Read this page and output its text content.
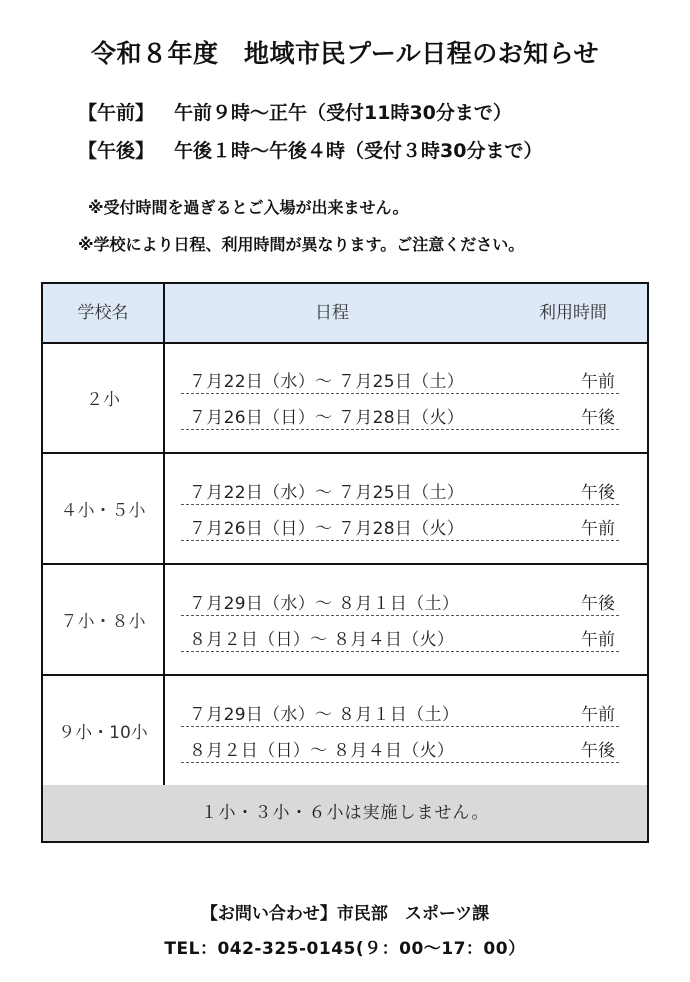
令和８年度　地域市民プール日程のお知らせ
【午前】 午前９時～正午（受付11時30分まで）
【午後】 午後１時～午後４時（受付３時30分まで）
※受付時間を過ぎるとご入場が出来ません。
※学校により日程、利用時間が異なります。ご注意ください。
学校名	日程	利用時間
２小
７月22日（水）～ ７月25日（土）	午前
７月26日（日）～ ７月28日（火）	午後
４小・５小
７月22日（水）～ ７月25日（土）	午後
７月26日（日）～ ７月28日（火）	午前
７小・８小
７月29日（水）～ ８月１日（土）	午後
８月２日（日）～ ８月４日（火）	午前
９小・10小
７月29日（水）～ ８月１日（土）	午前
８月２日（日）～ ８月４日（火）	午後
１小・３小・６小は実施しません。
【お問い合わせ】市民部　スポーツ課
TEL：042-325-0145(９：00～17：00）
